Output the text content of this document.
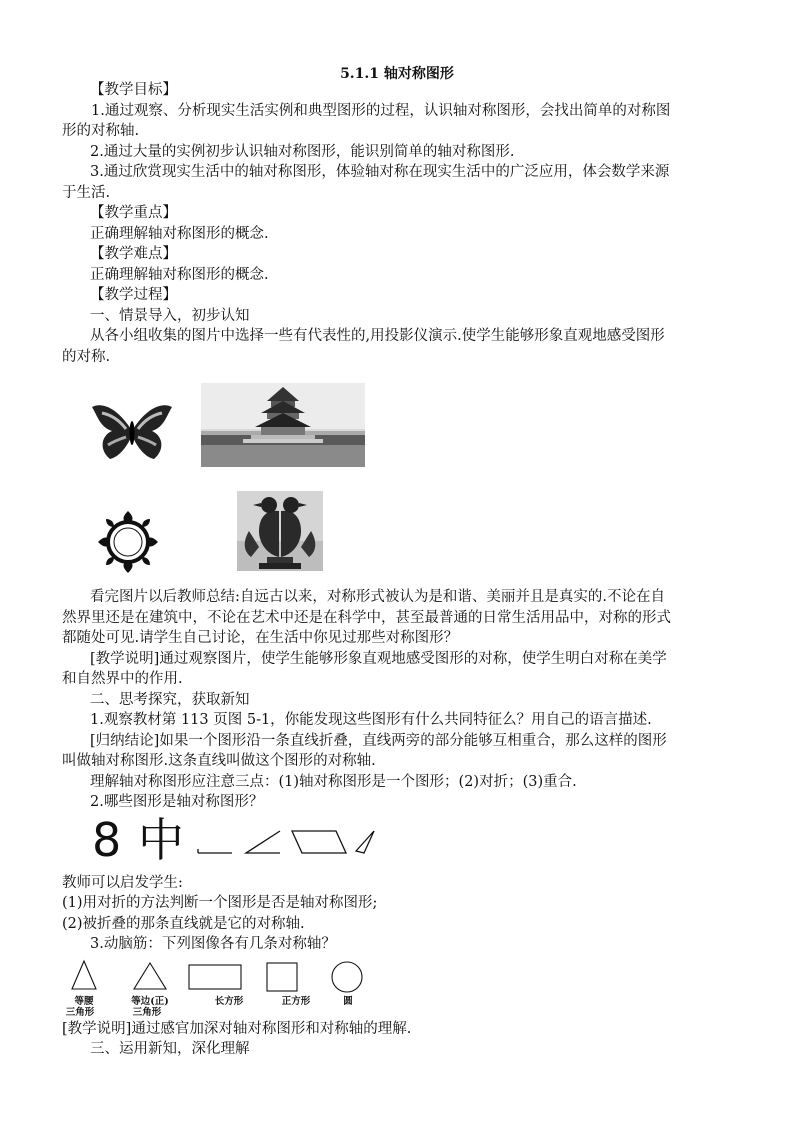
5.1.1 轴对称图形

【教学目标】

1.通过观察、分析现实生活实例和典型图形的过程，认识轴对称图形，会找出简单的对称图

形的对称轴.

2.通过大量的实例初步认识轴对称图形，能识别简单的轴对称图形.

3.通过欣赏现实生活中的轴对称图形，体验轴对称在现实生活中的广泛应用，体会数学来源

于生活.

【教学重点】

正确理解轴对称图形的概念.

【教学难点】

正确理解轴对称图形的概念.

【教学过程】

一、情景导入，初步认知

从各小组收集的图片中选择一些有代表性的,用投影仪演示.使学生能够形象直观地感受图形

的对称.

看完图片以后教师总结:自远古以来，对称形式被认为是和谐、美丽并且是真实的.不论在自

然界里还是在建筑中，不论在艺术中还是在科学中，甚至最普通的日常生活用品中，对称的形式

都随处可见.请学生自己讨论，在生活中你见过那些对称图形？

[教学说明]通过观察图片，使学生能够形象直观地感受图形的对称，使学生明白对称在美学

和自然界中的作用.

二、思考探究，获取新知

1.观察教材第 113 页图 5-1，你能发现这些图形有什么共同特征么？用自己的语言描述.

[归纳结论]如果一个图形沿一条直线折叠，直线两旁的部分能够互相重合，那么这样的图形

叫做轴对称图形.这条直线叫做这个图形的对称轴.

理解轴对称图形应注意三点：(1)轴对称图形是一个图形；(2)对折；(3)重合.

2.哪些图形是轴对称图形？

8 中

教师可以启发学生:

(1)用对折的方法判断一个图形是否是轴对称图形;

(2)被折叠的那条直线就是它的对称轴.

3.动脑筋：下列图像各有几条对称轴？

等腰
三角形
等边(正)
三角形
长方形	正方形	圆

[教学说明]通过感官加深对轴对称图形和对称轴的理解.

三、运用新知，深化理解
